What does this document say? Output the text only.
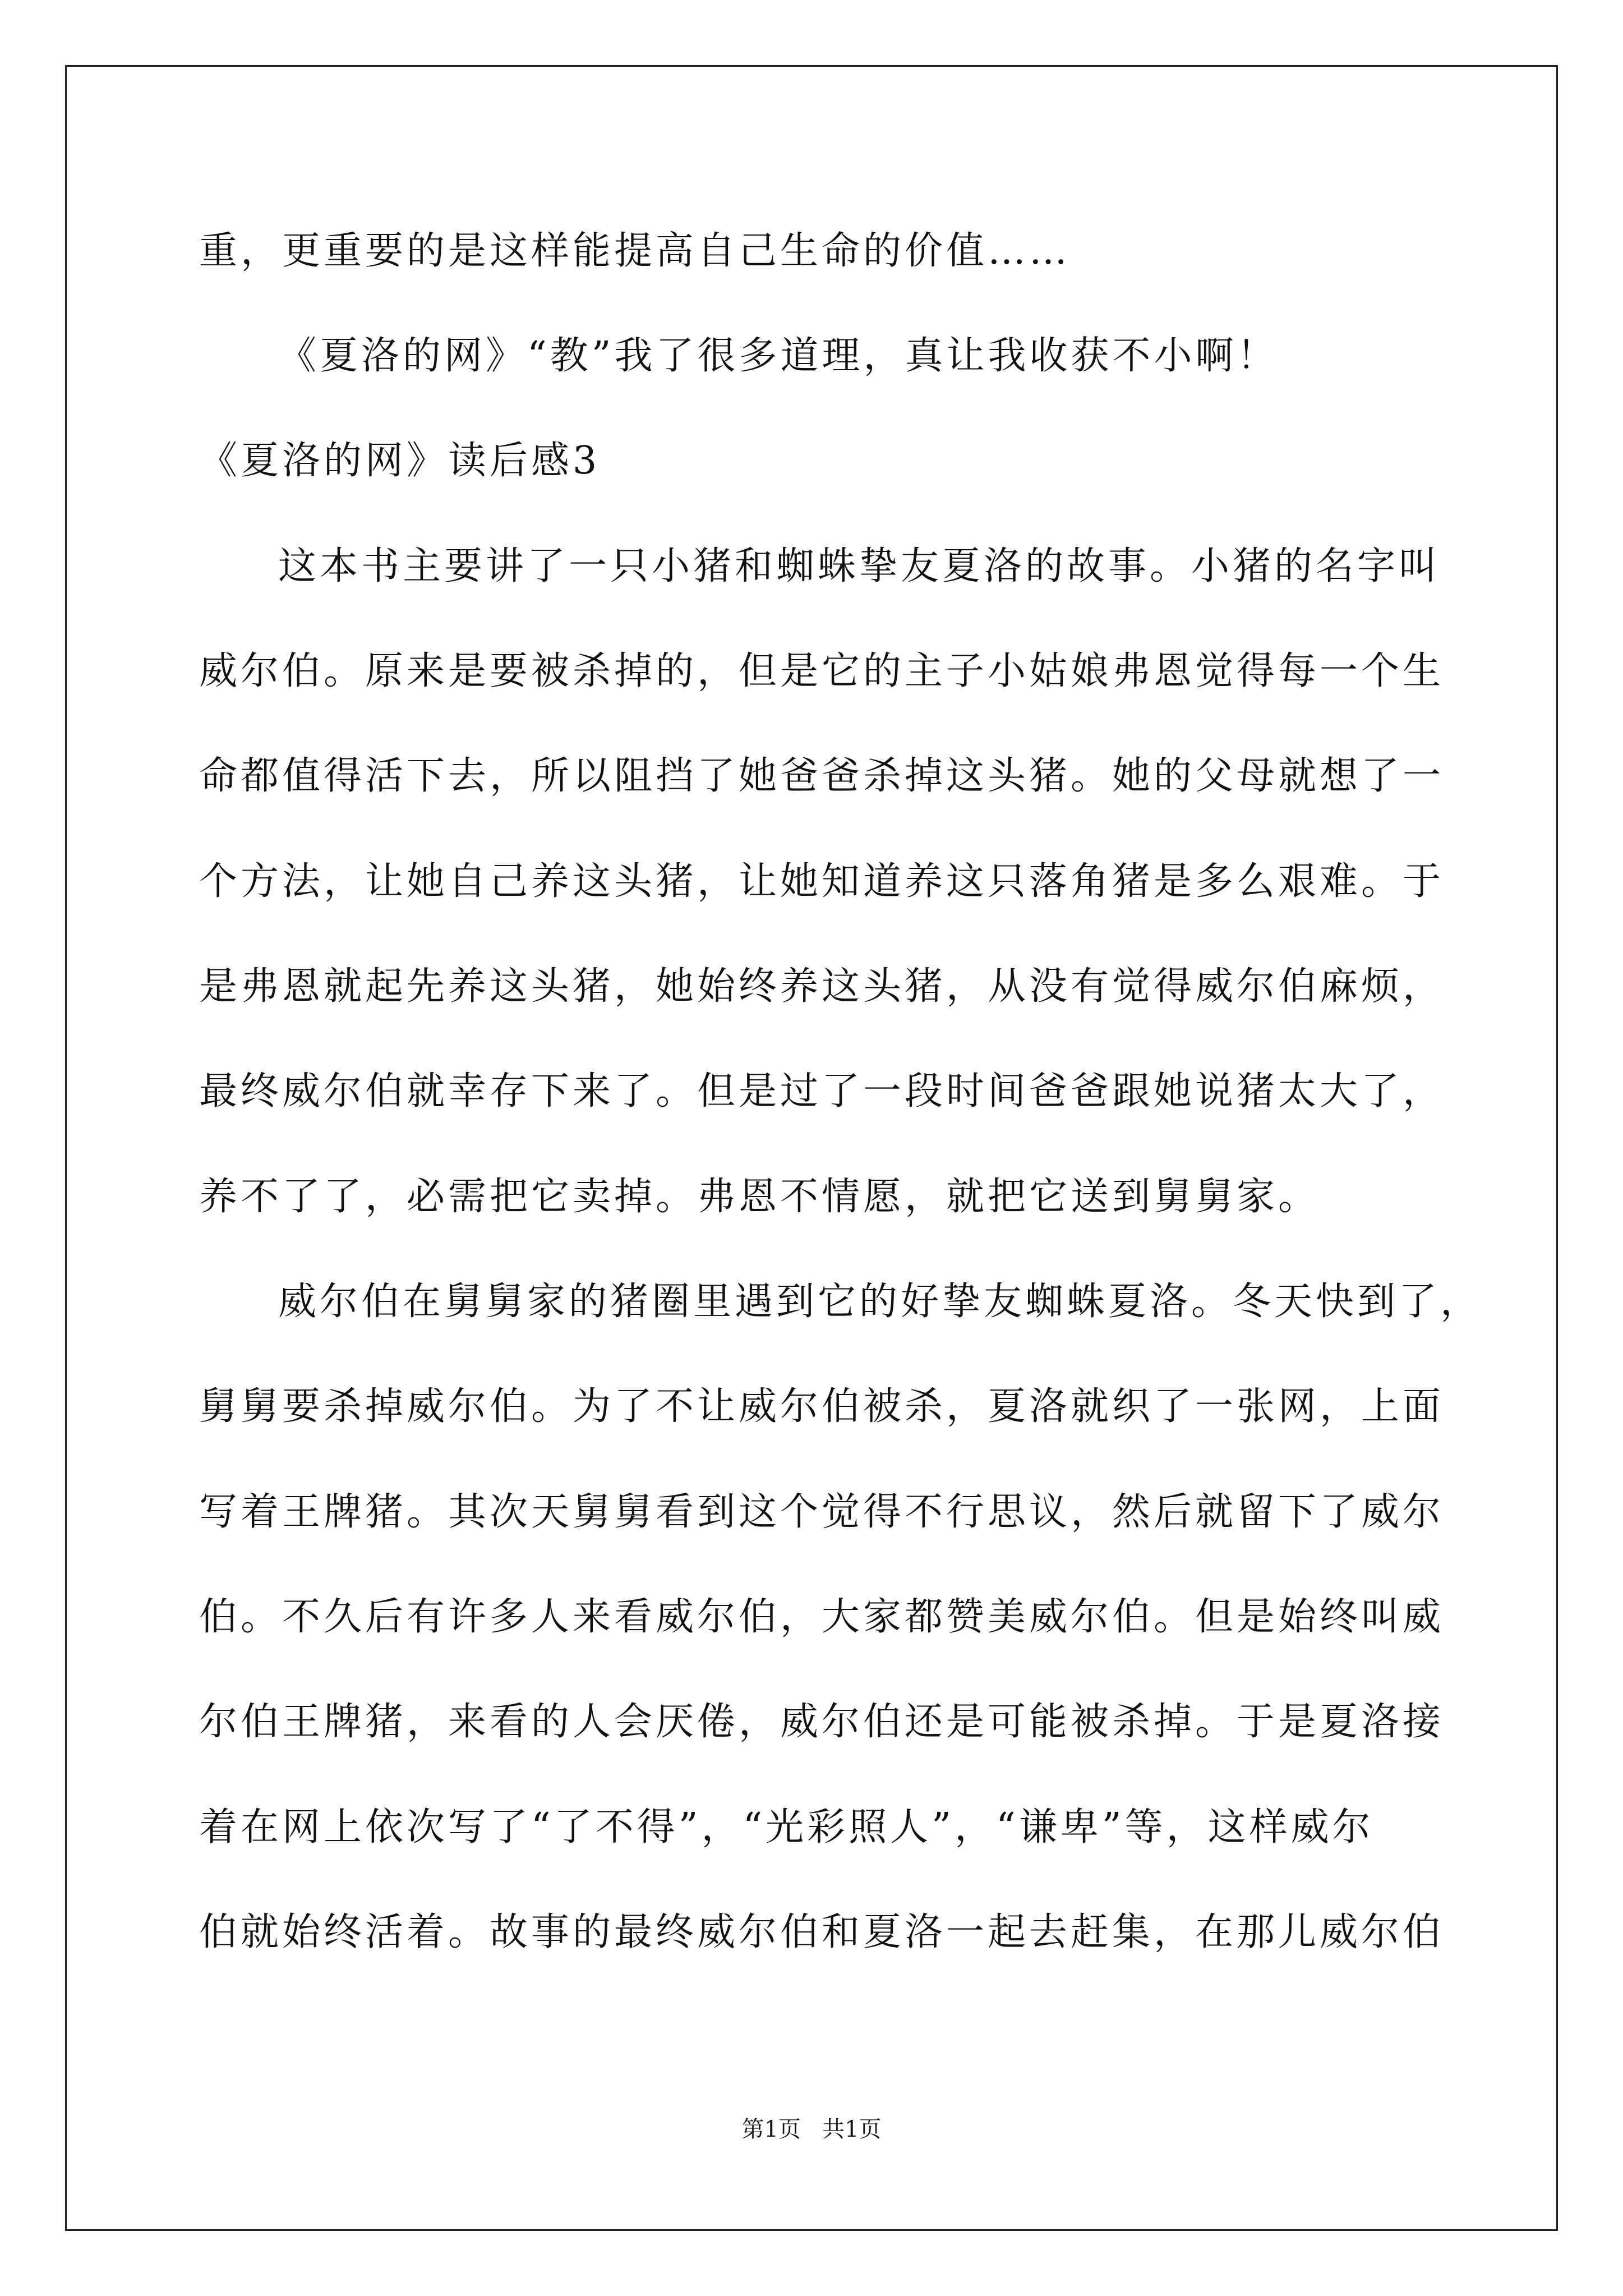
重，更重要的是这样能提高自己生命的价值……
《夏洛的网》“教”我了很多道理，真让我收获不小啊！
《夏洛的网》读后感3
这本书主要讲了一只小猪和蜘蛛挚友夏洛的故事。小猪的名字叫
威尔伯。原来是要被杀掉的，但是它的主子小姑娘弗恩觉得每一个生
命都值得活下去，所以阻挡了她爸爸杀掉这头猪。她的父母就想了一
个方法，让她自己养这头猪，让她知道养这只落角猪是多么艰难。于
是弗恩就起先养这头猪，她始终养这头猪，从没有觉得威尔伯麻烦，
最终威尔伯就幸存下来了。但是过了一段时间爸爸跟她说猪太大了，
养不了了，必需把它卖掉。弗恩不情愿，就把它送到舅舅家。
威尔伯在舅舅家的猪圈里遇到它的好挚友蜘蛛夏洛。冬天快到了，
舅舅要杀掉威尔伯。为了不让威尔伯被杀，夏洛就织了一张网，上面
写着王牌猪。其次天舅舅看到这个觉得不行思议，然后就留下了威尔
伯。不久后有许多人来看威尔伯，大家都赞美威尔伯。但是始终叫威
尔伯王牌猪，来看的人会厌倦，威尔伯还是可能被杀掉。于是夏洛接
着在网上依次写了“了不得”，“光彩照人”，“谦卑”等，这样威尔
伯就始终活着。故事的最终威尔伯和夏洛一起去赶集，在那儿威尔伯
第1页   共1页
